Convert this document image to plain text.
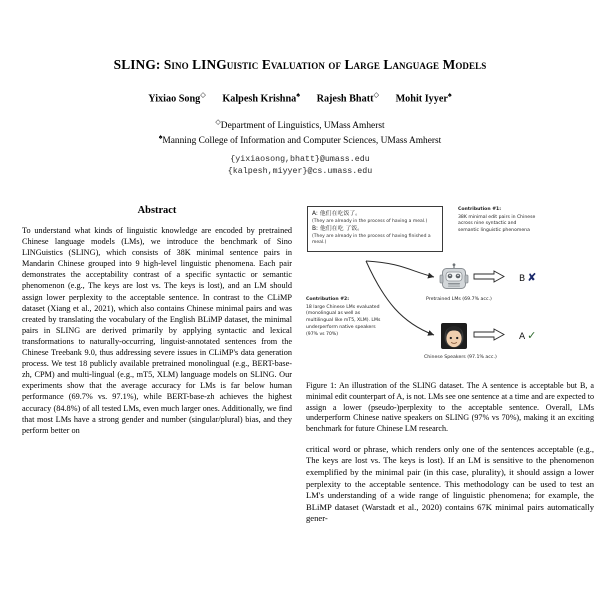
SLING: Sino LINGuistic Evaluation of Large Language Models
Yixiao Song◇ Kalpesh Krishna♠ Rajesh Bhatt◇ Mohit Iyyer♠
◇Department of Linguistics, UMass Amherst
♠Manning College of Information and Computer Sciences, UMass Amherst
{yixiaosong,bhatt}@umass.edu
{kalpesh,miyyer}@cs.umass.edu
Abstract
To understand what kinds of linguistic knowledge are encoded by pretrained Chinese language models (LMs), we introduce the benchmark of Sino LINGuistics (SLING), which consists of 38K minimal sentence pairs in Mandarin Chinese grouped into 9 high-level linguistic phenomena. Each pair demonstrates the acceptability contrast of a specific syntactic or semantic phenomenon (e.g., The keys are lost vs. The keys is lost), and an LM should assign lower perplexity to the acceptable sentence. In contrast to the CLiMP dataset (Xiang et al., 2021), which also contains Chinese minimal pairs and was created by translating the vocabulary of the English BLiMP dataset, the minimal pairs in SLING are derived primarily by applying syntactic and lexical transformations to naturally-occurring, linguist-annotated sentences from the Chinese Treebank 9.0, thus addressing severe issues in CLiMP's data generation process. We test 18 publicly available pretrained monolingual (e.g., BERT-base-zh, CPM) and multi-lingual (e.g., mT5, XLM) language models on SLING. Our experiments show that the average accuracy for LMs is far below human performance (69.7% vs. 97.1%), while BERT-base-zh achieves the highest accuracy (84.8%) of all tested LMs, even much larger ones. Additionally, we find that most LMs have a strong gender and number (singular/plural) bias, and they perform better on
A: 他们在吃饭了。
(They are already in the process of having a meal.)
B: 他们在吃 了饭。
(They are already in the process of having finished a meal.)
Contribution #1:
38K minimal edit pairs in Chinese across nine syntactic and semantic linguistic phenomena
Contribution #2:
18 large Chinese LMs evaluated (monolingual as well as multilingual like mT5, XLM). LMs underperform native speakers (97% vs 70%)
B ✘
A ✓
Pretrained LMs (69.7% acc.)
Chinese Speakers (97.1% acc.)
Figure 1: An illustration of the SLING dataset. The A sentence is acceptable but B, a minimal edit counterpart of A, is not. LMs see one sentence at a time and are expected to assign a lower (pseudo-)perplexity to the acceptable sentence. Overall, LMs underperform Chinese native speakers on SLING (97% vs 70%), making it an exciting benchmark for future Chinese LM research.
critical word or phrase, which renders only one of the sentences acceptable (e.g., The keys are lost vs. The keys is lost). If an LM is sensitive to the phenomenon exemplified by the minimal pair (in this case, plurality), it should assign a lower perplexity to the acceptable sentence. This methodology can be used to test an LM's understanding of a wide range of linguistic phenomena; for example, the BLiMP dataset (Warstadt et al., 2020) contains 67K minimal pairs automatically gener-
